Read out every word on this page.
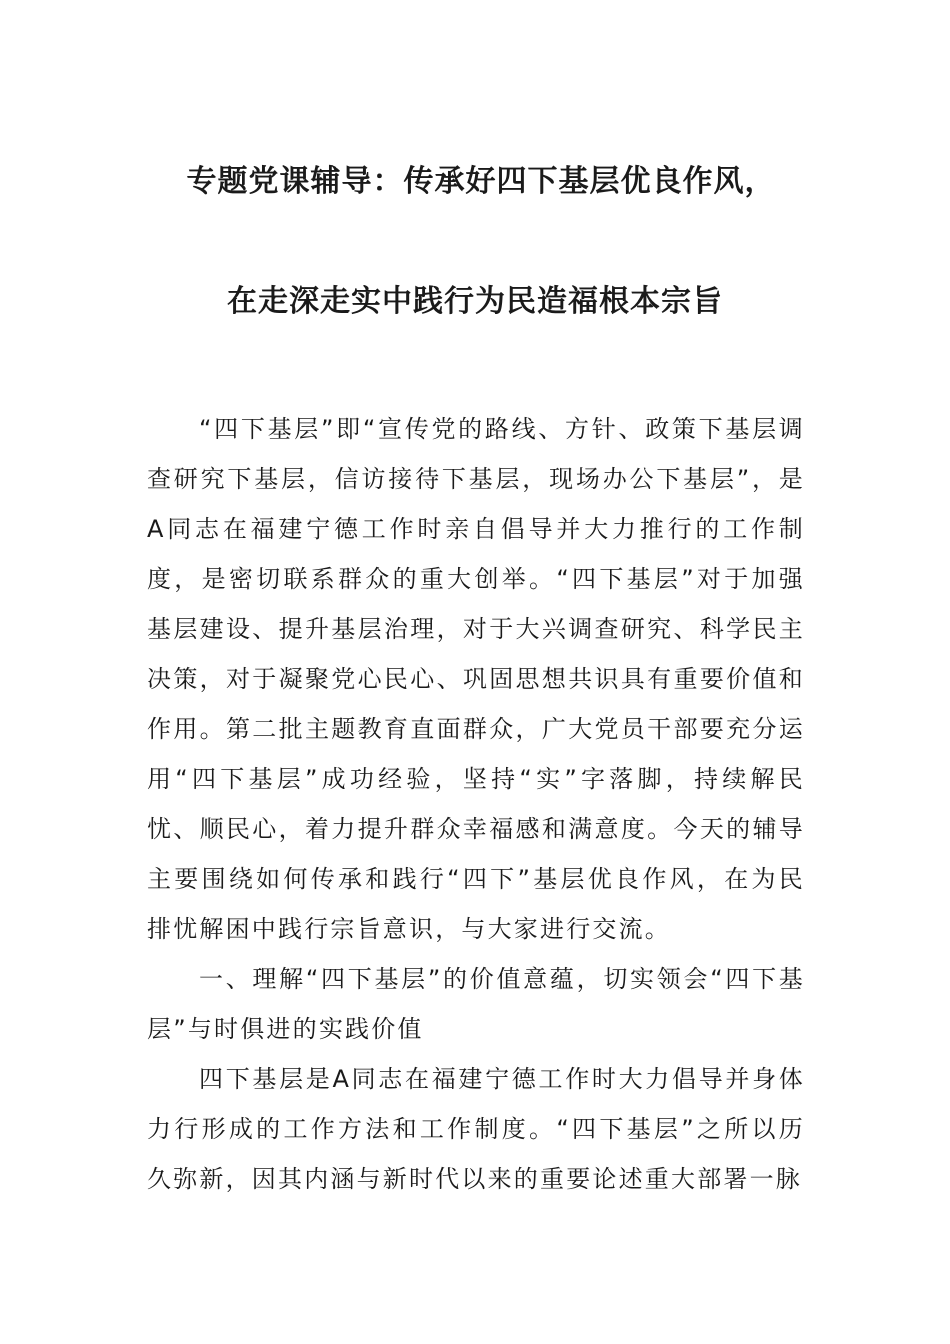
专题党课辅导：传承好四下基层优良作风，
在走深走实中践行为民造福根本宗旨

“四下基层”即“宣传党的路线、方针、政策下基层调查研究下基层，信访接待下基层，现场办公下基层”，是A同志在福建宁德工作时亲自倡导并大力推行的工作制度，是密切联系群众的重大创举。“四下基层”对于加强基层建设、提升基层治理，对于大兴调查研究、科学民主决策，对于凝聚党心民心、巩固思想共识具有重要价值和作用。第二批主题教育直面群众，广大党员干部要充分运用“四下基层”成功经验，坚持“实”字落脚，持续解民忧、顺民心，着力提升群众幸福感和满意度。今天的辅导主要围绕如何传承和践行“四下”基层优良作风，在为民排忧解困中践行宗旨意识，与大家进行交流。

一、理解“四下基层”的价值意蕴，切实领会“四下基层”与时俱进的实践价值

四下基层是A同志在福建宁德工作时大力倡导并身体力行形成的工作方法和工作制度。“四下基层”之所以历久弥新，因其内涵与新时代以来的重要论述重大部署一脉
